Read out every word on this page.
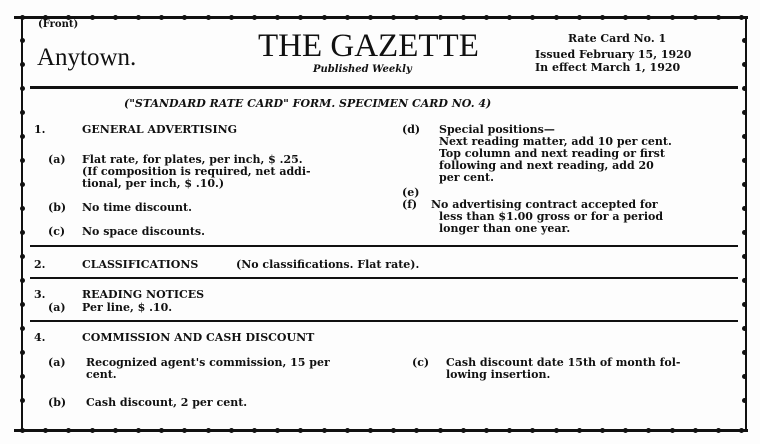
(Front)
Anytown.	THE GAZETTE
Published Weekly
Rate Card No. 1
Issued February 15, 1920
In effect March 1, 1920
("STANDARD RATE CARD" FORM. SPECIMEN CARD NO. 4)
1.	GENERAL ADVERTISING
(a) Flat rate, for plates, per inch, $ .25.
(If composition is required, net addi-
tional, per inch, $ .10.)
(b) No time discount.
(c) No space discounts.
(d) Special positions—
Next reading matter, add 10 per cent.
Top column and next reading or first
following and next reading, add 20
per cent.
(e)
(f) No advertising contract accepted for
less than $1.00 gross or for a period
longer than one year.
2.	CLASSIFICATIONS	(No classifications. Flat rate).
3.	READING NOTICES
(a) Per line, $ .10.
4.	COMMISSION AND CASH DISCOUNT
(a) Recognized agent's commission, 15 per
cent.
(c) Cash discount date 15th of month fol-
lowing insertion.
(b) Cash discount, 2 per cent.
